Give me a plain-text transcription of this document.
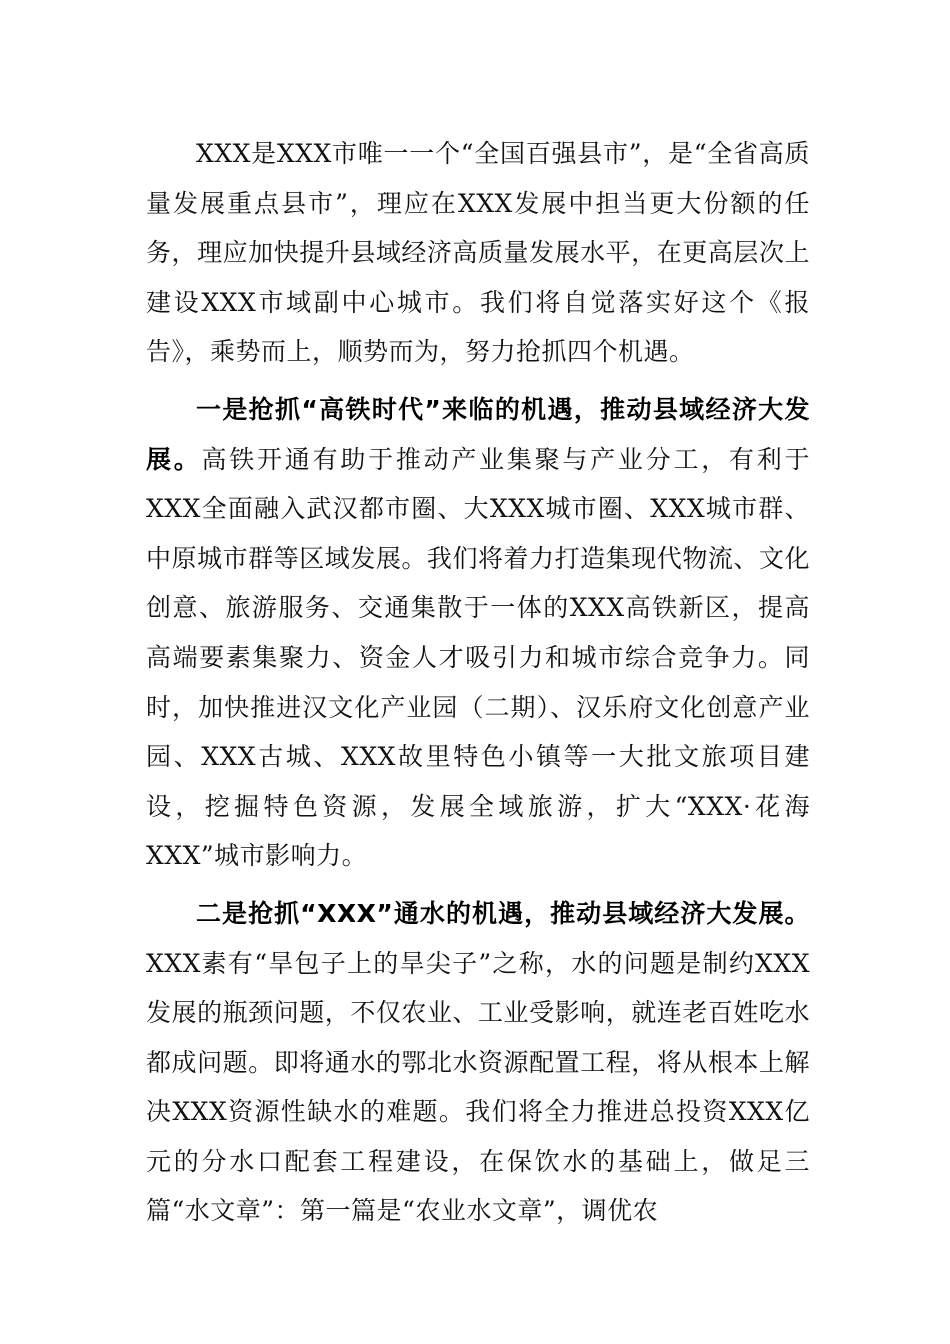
XXX是XXX市唯一一个“全国百强县市”，是“全省高质量发展重点县市”，理应在XXX发展中担当更大份额的任务，理应加快提升县域经济高质量发展水平，在更高层次上建设XXX市域副中心城市。我们将自觉落实好这个《报告》，乘势而上，顺势而为，努力抢抓四个机遇。

一是抢抓“高铁时代”来临的机遇，推动县域经济大发展。高铁开通有助于推动产业集聚与产业分工，有利于XXX全面融入武汉都市圈、大XXX城市圈、XXX城市群、中原城市群等区域发展。我们将着力打造集现代物流、文化创意、旅游服务、交通集散于一体的XXX高铁新区，提高高端要素集聚力、资金人才吸引力和城市综合竞争力。同时，加快推进汉文化产业园（二期）、汉乐府文化创意产业园、XXX古城、XXX故里特色小镇等一大批文旅项目建设，挖掘特色资源，发展全域旅游，扩大“XXX·花海XXX”城市影响力。

二是抢抓“XXX”通水的机遇，推动县域经济大发展。XXX素有“旱包子上的旱尖子”之称，水的问题是制约XXX发展的瓶颈问题，不仅农业、工业受影响，就连老百姓吃水都成问题。即将通水的鄂北水资源配置工程，将从根本上解决XXX资源性缺水的难题。我们将全力推进总投资XXX亿元的分水口配套工程建设，在保饮水的基础上，做足三篇“水文章”：第一篇是“农业水文章”，调优农
